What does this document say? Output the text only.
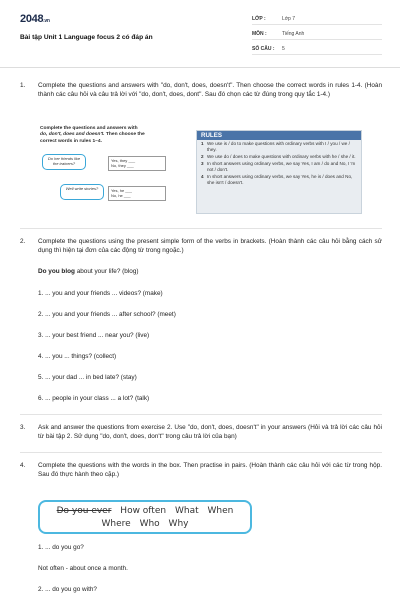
2048.vn
Bài tập Unit 1 Language focus 2 có đáp án
LỚP :	Lớp 7
MÔN :	Tiếng Anh
SỐ CÂU :	5
1.	Complete the questions and answers with "do, don't, does, doesn't". Then choose the correct words in rules 1-4. (Hoàn thành các câu hỏi và câu trả lời với "do, don't, does, dont". Sau đó chọn các từ đúng trong quy tắc 1-4.)
Complete the questions and answers with
do, don't, does and doesn't. Then choose the
correct words in rules 1–4.
Do her friends like the trainers?
Yes, they ___
No, they ___
Well write stories?	Yes, he ___
No, he ___
RULES
1 We use is / do to make questions with ordinary verbs with I / you / we / they.
2 We use do / does to make questions with ordinary verbs with he / she / it.
3 In short answers using ordinary verbs, we say Yes, I am / do and No, I 'm not / don't.
4 In short answers using ordinary verbs, we say Yes, he is / does and No, she isn't / doesn't.
2.	Complete the questions using the present simple form of the verbs in brackets. (Hoàn thành các câu hỏi bằng cách sử dụng thì hiện tại đơn của các động từ trong ngoặc.)
Do you blog about your life? (blog)
1. ... you and your friends ... videos? (make)
2. ... you and your friends ... after school? (meet)
3. ... your best friend ... near you? (live)
4. ... you ... things? (collect)
5. ... your dad ... in bed late? (stay)
6. ... people in your class ... a lot? (talk)
3.	Ask and answer the questions from exercise 2. Use "do, don't, does, doesn't" in your answers (Hỏi và trả lời các câu hỏi từ bài tập 2. Sử dụng "do, don't, does, don't" trong câu trả lời của bạn)
4.	Complete the questions with the words in the box. Then practise in pairs. (Hoàn thành các câu hỏi với các từ trong hộp. Sau đó thực hành theo cặp.)
Do you ever How often What When
Where Who Why
1. ... do you go?
Not often - about once a month.
2. ... do you go with?
